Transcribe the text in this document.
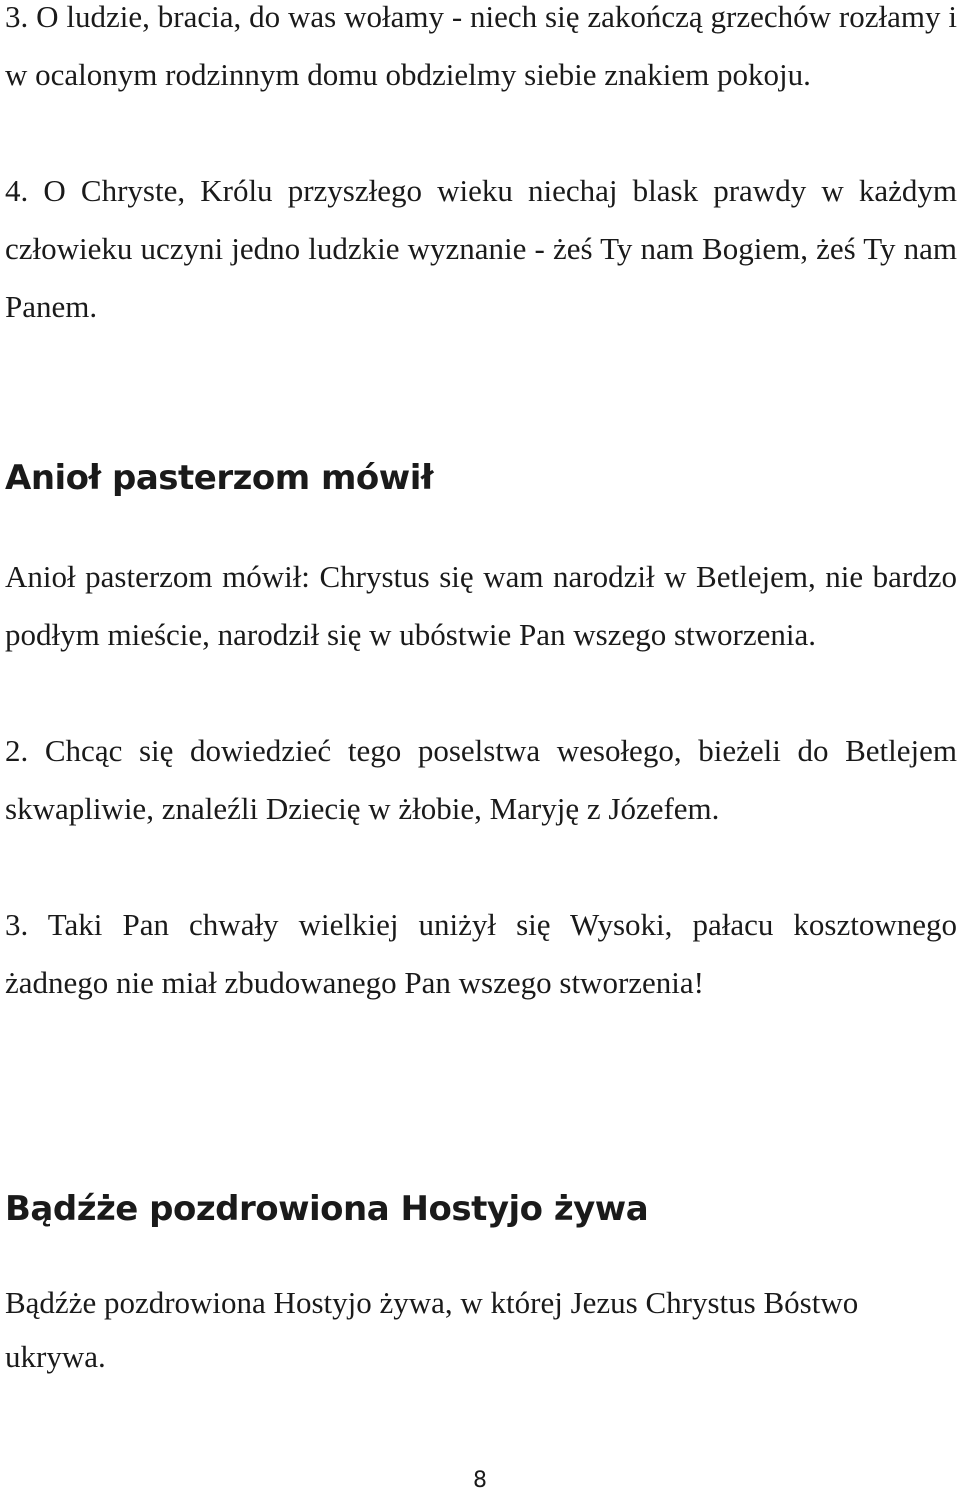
3. O ludzie, bracia, do was wołamy - niech się zakończą grzechów rozłamy i w ocalonym rodzinnym domu obdzielmy siebie znakiem pokoju.

4. O Chryste, Królu przyszłego wieku niechaj blask prawdy w każdym człowieku uczyni jedno ludzkie wyznanie - żeś Ty nam Bogiem, żeś Ty nam Panem.

Anioł pasterzom mówił

Anioł pasterzom mówił: Chrystus się wam narodził w Betlejem, nie bardzo podłym mieście, narodził się w ubóstwie Pan wszego stworzenia.

2. Chcąc się dowiedzieć tego poselstwa wesołego, bieżeli do Betlejem skwapliwie, znaleźli Dziecię w żłobie, Maryję z Józefem.

3. Taki Pan chwały wielkiej uniżył się Wysoki, pałacu kosztownego żadnego nie miał zbudowanego Pan wszego stworzenia!

Bądźże pozdrowiona Hostyjo żywa

Bądźże pozdrowiona Hostyjo żywa, w której Jezus Chrystus Bóstwo ukrywa.

8
